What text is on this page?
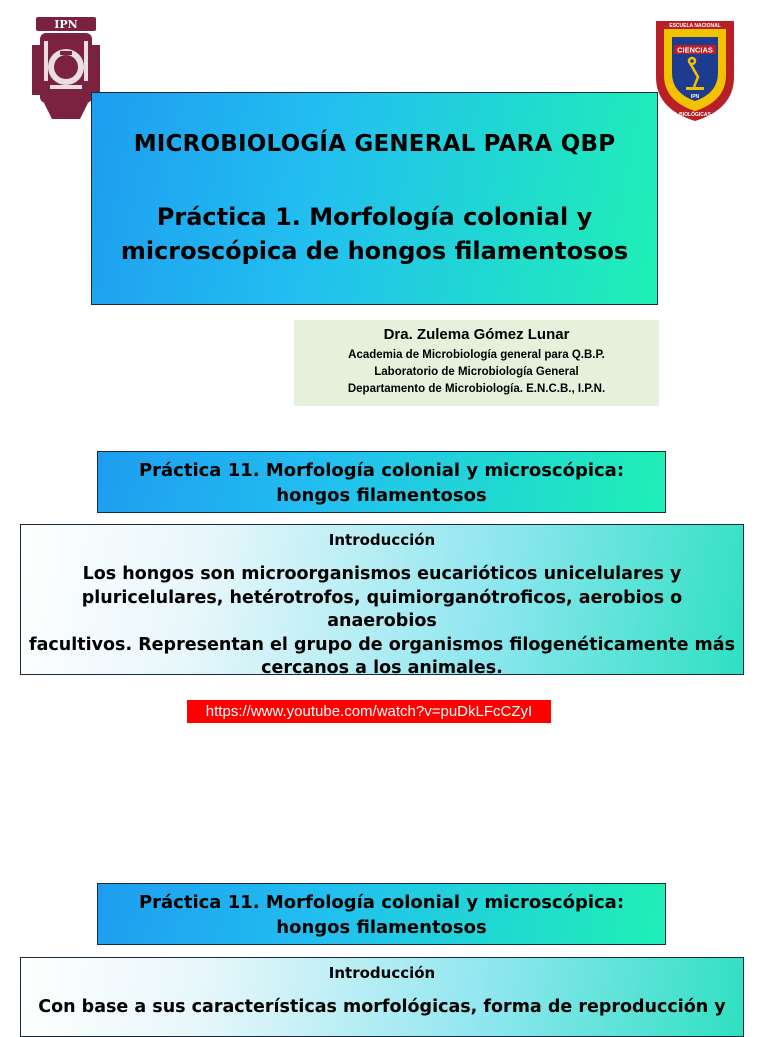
IPN
CIENCIAS
ESCUELA NACIONAL
BIOLÓGICAS
IPN
MICROBIOLOGÍA GENERAL PARA QBP
Práctica 1. Morfología colonial y
microscópica de hongos filamentosos
Dra. Zulema Gómez Lunar
Academia de Microbiología general para Q.B.P.
Laboratorio de Microbiología General
Departamento de Microbiología. E.N.C.B., I.P.N.
Práctica 11. Morfología colonial y microscópica:
hongos filamentosos
Introducción
Los hongos son microorganismos eucarióticos unicelulares y
pluricelulares, hetérotrofos, quimiorganótroficos, aerobios o anaerobios
facultivos. Representan el grupo de organismos filogenéticamente más
cercanos a los animales.
https://www.youtube.com/watch?v=puDkLFcCZyI
Práctica 11. Morfología colonial y microscópica:
hongos filamentosos
Introducción
Con base a sus características morfológicas, forma de reproducción y
